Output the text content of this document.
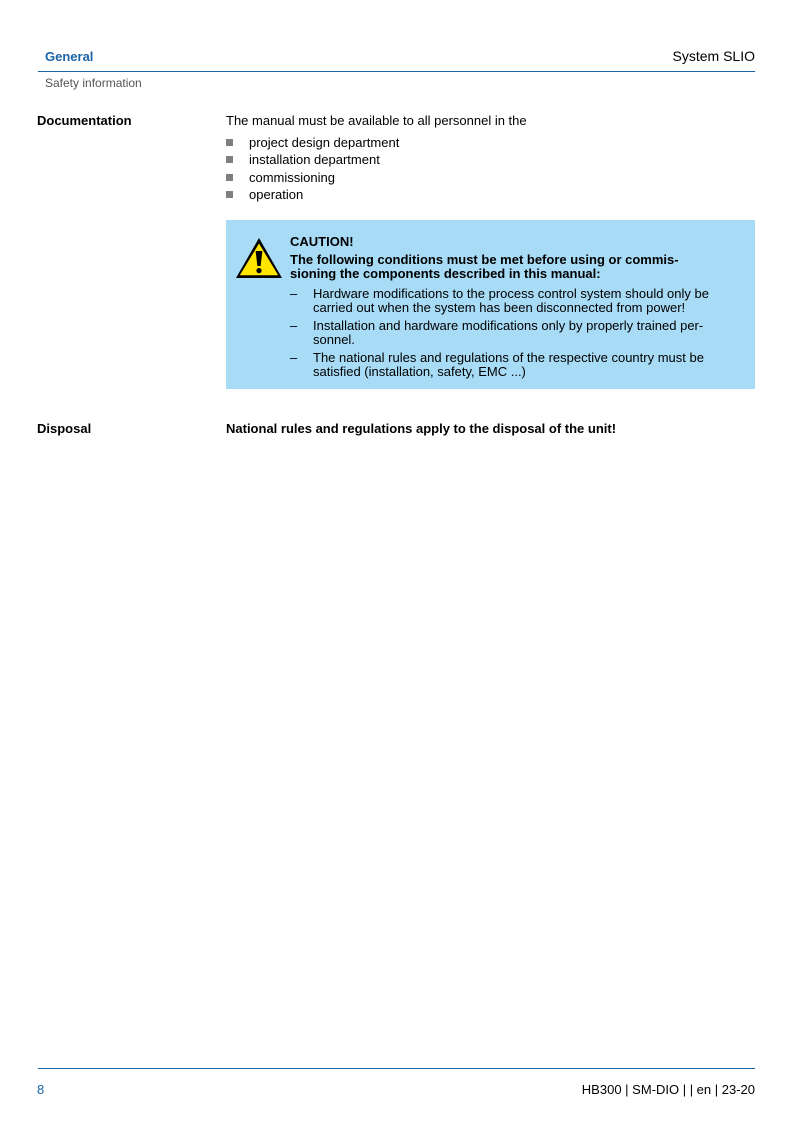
General	System SLIO
Safety information
Documentation	The manual must be available to all personnel in the
project design department
installation department
commissioning
operation
CAUTION!
The following conditions must be met before using or commis-
sioning the components described in this manual:
– Hardware modifications to the process control system should only be
carried out when the system has been disconnected from power!
– Installation and hardware modifications only by properly trained per-
sonnel.
– The national rules and regulations of the respective country must be
satisfied (installation, safety, EMC ...)
Disposal	National rules and regulations apply to the disposal of the unit!
8	HB300 | SM-DIO | | en | 23-20
